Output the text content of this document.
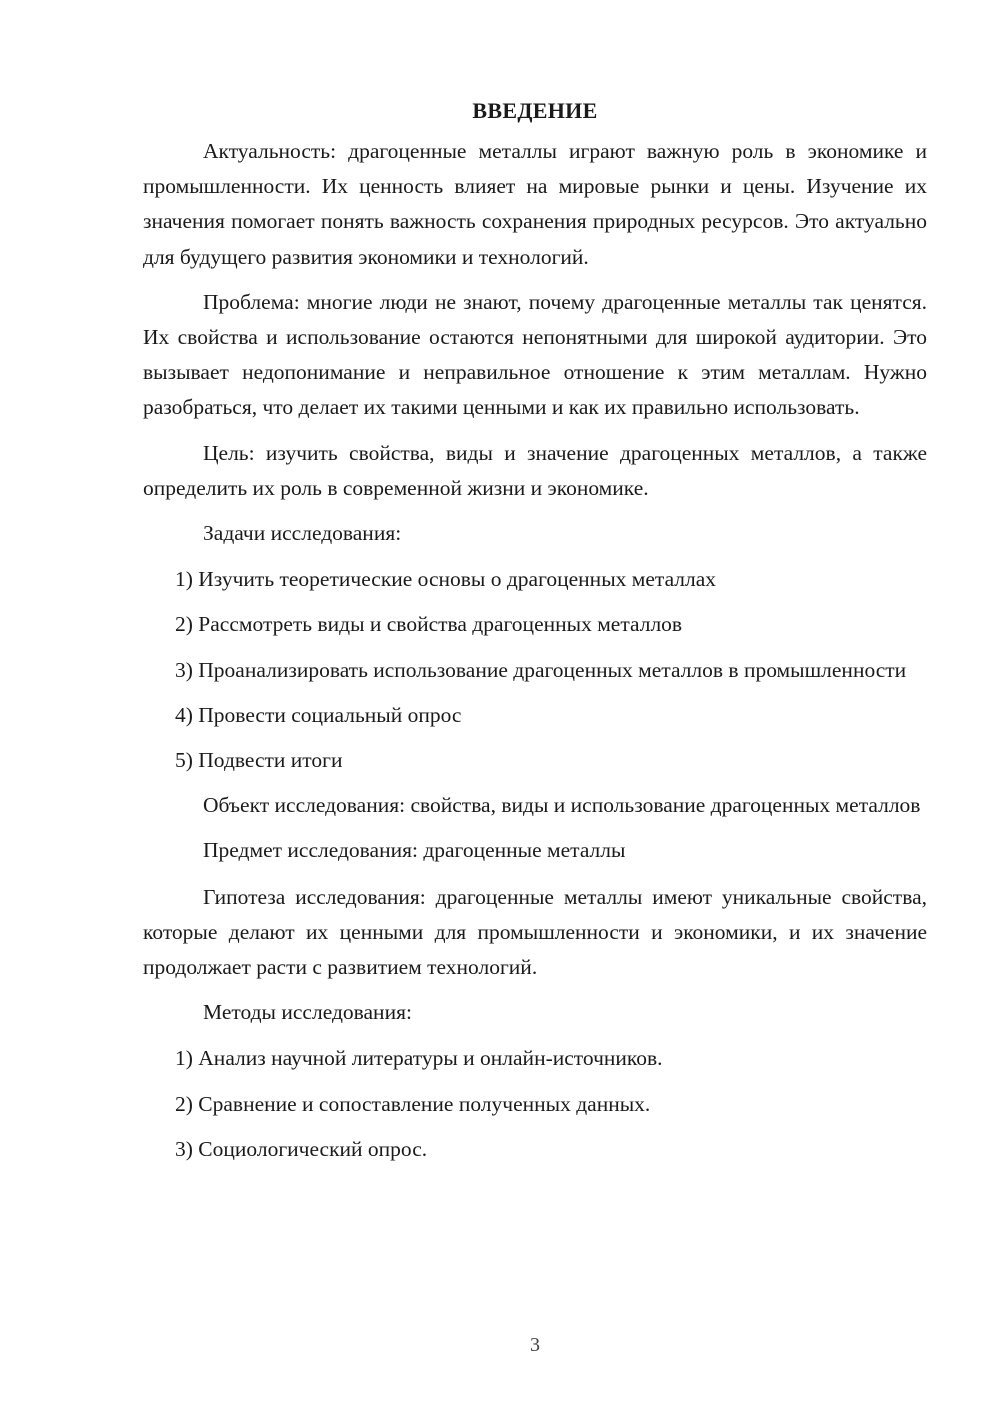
ВВЕДЕНИЕ

Актуальность: драгоценные металлы играют важную роль в экономике и промышленности. Их ценность влияет на мировые рынки и цены. Изучение их значения помогает понять важность сохранения природных ресурсов. Это актуально для будущего развития экономики и технологий.

Проблема: многие люди не знают, почему драгоценные металлы так ценятся. Их свойства и использование остаются непонятными для широкой аудитории. Это вызывает недопонимание и неправильное отношение к этим металлам. Нужно разобраться, что делает их такими ценными и как их правильно использовать.

Цель: изучить свойства, виды и значение драгоценных металлов, а также определить их роль в современной жизни и экономике.

Задачи исследования:

1) Изучить теоретические основы о драгоценных металлах

2) Рассмотреть виды и свойства драгоценных металлов

3) Проанализировать использование драгоценных металлов в промышленности

4) Провести социальный опрос

5) Подвести итоги

Объект исследования: свойства, виды и использование драгоценных металлов

Предмет исследования: драгоценные металлы

Гипотеза исследования: драгоценные металлы имеют уникальные свойства, которые делают их ценными для промышленности и экономики, и их значение продолжает расти с развитием технологий.

Методы исследования:

1) Анализ научной литературы и онлайн-источников.

2) Сравнение и сопоставление полученных данных.

3) Социологический опрос.

3
